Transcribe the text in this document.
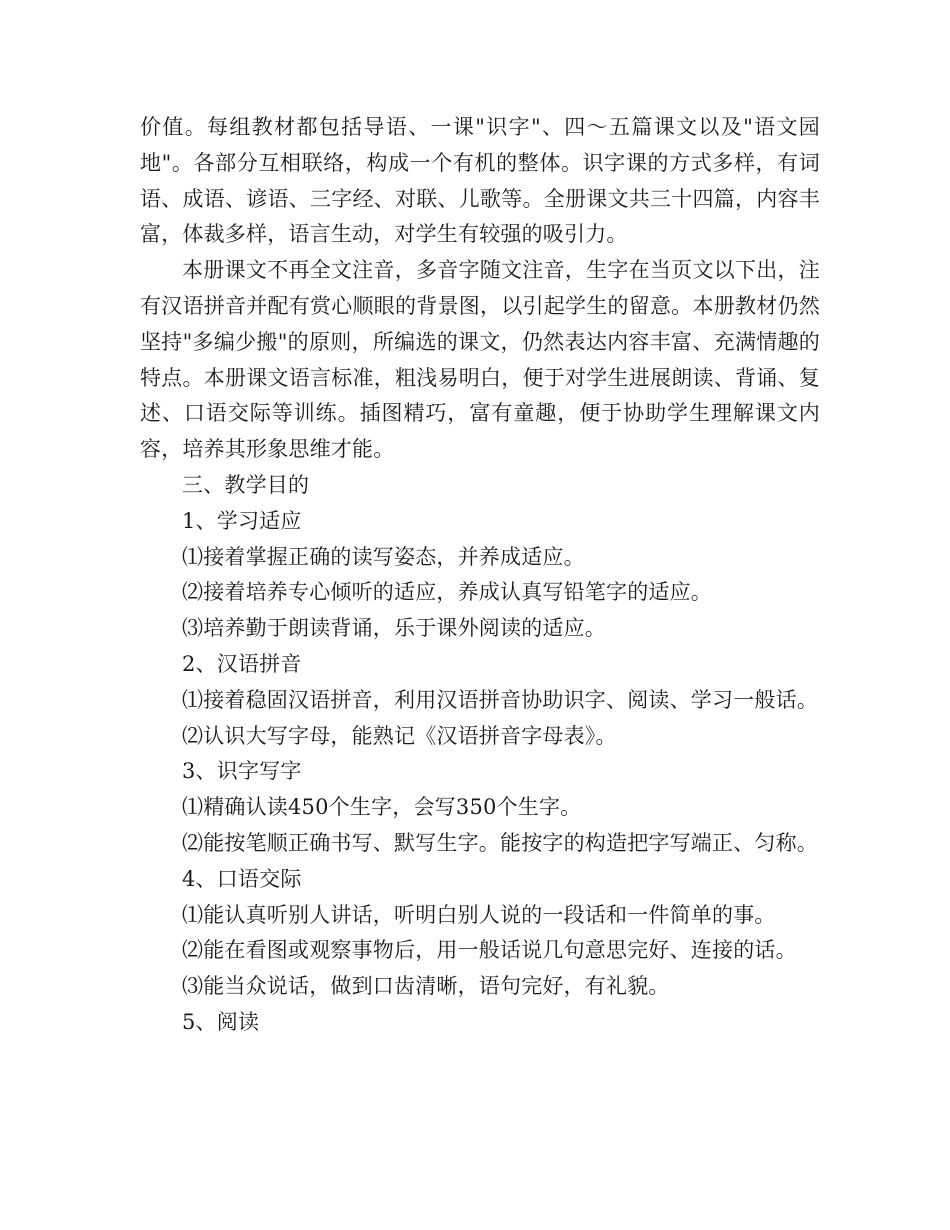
价值。每组教材都包括导语、一课"识字"、四～五篇课文以及"语文园地"。各部分互相联络，构成一个有机的整体。识字课的方式多样，有词语、成语、谚语、三字经、对联、儿歌等。全册课文共三十四篇，内容丰富，体裁多样，语言生动，对学生有较强的吸引力。

本册课文不再全文注音，多音字随文注音，生字在当页文以下出，注有汉语拼音并配有赏心顺眼的背景图，以引起学生的留意。本册教材仍然坚持"多编少搬"的原则，所编选的课文，仍然表达内容丰富、充满情趣的特点。本册课文语言标准，粗浅易明白，便于对学生进展朗读、背诵、复述、口语交际等训练。插图精巧，富有童趣，便于协助学生理解课文内容，培养其形象思维才能。

三、教学目的

1、学习适应

⑴接着掌握正确的读写姿态，并养成适应。

⑵接着培养专心倾听的适应，养成认真写铅笔字的适应。

⑶培养勤于朗读背诵，乐于课外阅读的适应。

2、汉语拼音

⑴接着稳固汉语拼音，利用汉语拼音协助识字、阅读、学习一般话。

⑵认识大写字母，能熟记《汉语拼音字母表》。

3、识字写字

⑴精确认读450个生字，会写350个生字。

⑵能按笔顺正确书写、默写生字。能按字的构造把字写端正、匀称。

4、口语交际

⑴能认真听别人讲话，听明白别人说的一段话和一件简单的事。

⑵能在看图或观察事物后，用一般话说几句意思完好、连接的话。

⑶能当众说话，做到口齿清晰，语句完好，有礼貌。

5、阅读
